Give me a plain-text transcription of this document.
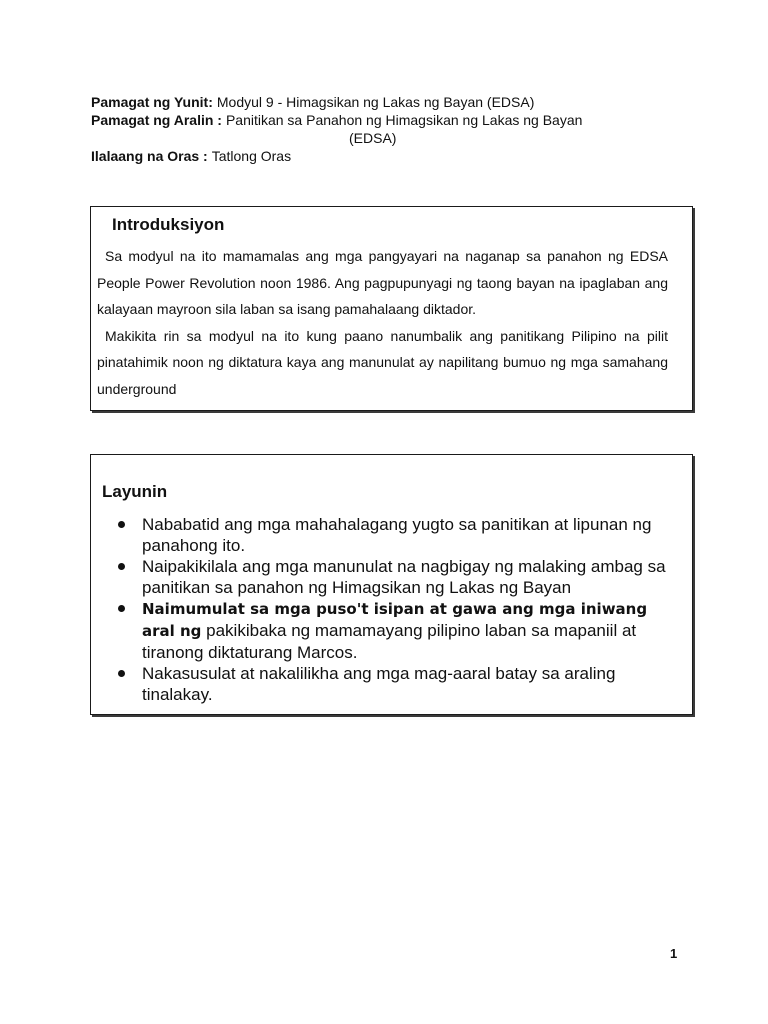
Pamagat ng Yunit: Modyul 9 - Himagsikan ng Lakas ng Bayan (EDSA)
Pamagat ng Aralin : Panitikan sa Panahon ng Himagsikan ng Lakas ng Bayan
(EDSA)
Ilalaang na Oras : Tatlong Oras
Introduksiyon

Sa modyul na ito mamamalas ang mga pangyayari na naganap sa panahon ng EDSA People Power Revolution noon 1986. Ang pagpupunyagi ng taong bayan na ipaglaban ang kalayaan mayroon sila laban sa isang pamahalaang diktador.

Makikita rin sa modyul na ito kung paano nanumbalik ang panitikang Pilipino na pilit pinatahimik noon ng diktatura kaya ang manunulat ay napilitang bumuo ng mga samahang underground

Layunin
Nababatid ang mga mahahalagang yugto sa panitikan at lipunan ng panahong ito.
Naipakikilala ang mga manunulat na nagbigay ng malaking ambag sa panitikan sa panahon ng Himagsikan ng Lakas ng Bayan
Naimumulat sa mga puso't isipan at gawa ang mga iniwang aral ng pakikibaka ng mamamayang pilipino laban sa mapaniil at tiranong diktaturang Marcos.
Nakasusulat at nakalilikha ang mga mag-aaral batay sa araling tinalakay.
1
